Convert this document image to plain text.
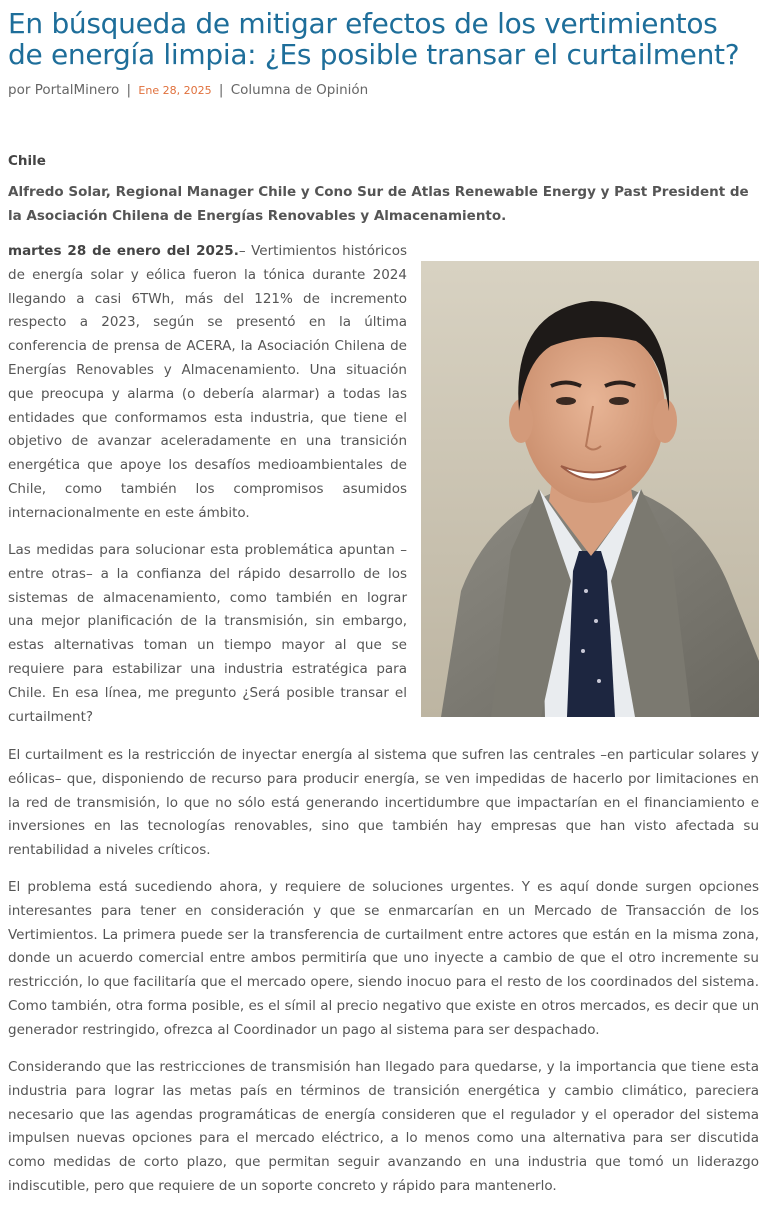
En búsqueda de mitigar efectos de los vertimientos de energía limpia: ¿Es posible transar el curtailment?
por PortalMinero | Ene 28, 2025 | Columna de Opinión
Chile
Alfredo Solar, Regional Manager Chile y Cono Sur de Atlas Renewable Energy y Past President de la Asociación Chilena de Energías Renovables y Almacenamiento.

martes 28 de enero del 2025.– Vertimientos históricos de energía solar y eólica fueron la tónica durante 2024 llegando a casi 6TWh, más del 121% de incremento respecto a 2023, según se presentó en la última conferencia de prensa de ACERA, la Asociación Chilena de Energías Renovables y Almacenamiento. Una situación que preocupa y alarma (o debería alarmar) a todas las entidades que conformamos esta industria, que tiene el objetivo de avanzar aceleradamente en una transición energética que apoye los desafíos medioambientales de Chile, como también los compromisos asumidos internacionalmente en este ámbito.

Las medidas para solucionar esta problemática apuntan –entre otras– a la confianza del rápido desarrollo de los sistemas de almacenamiento, como también en lograr una mejor planificación de la transmisión, sin embargo, estas alternativas toman un tiempo mayor al que se requiere para estabilizar una industria estratégica para Chile. En esa línea, me pregunto ¿Será posible transar el curtailment?

El curtailment es la restricción de inyectar energía al sistema que sufren las centrales –en particular solares y eólicas– que, disponiendo de recurso para producir energía, se ven impedidas de hacerlo por limitaciones en la red de transmisión, lo que no sólo está generando incertidumbre que impactarían en el financiamiento e inversiones en las tecnologías renovables, sino que también hay empresas que han visto afectada su rentabilidad a niveles críticos.

El problema está sucediendo ahora, y requiere de soluciones urgentes. Y es aquí donde surgen opciones interesantes para tener en consideración y que se enmarcarían en un Mercado de Transacción de los Vertimientos. La primera puede ser la transferencia de curtailment entre actores que están en la misma zona, donde un acuerdo comercial entre ambos permitiría que uno inyecte a cambio de que el otro incremente su restricción, lo que facilitaría que el mercado opere, siendo inocuo para el resto de los coordinados del sistema. Como también, otra forma posible, es el símil al precio negativo que existe en otros mercados, es decir que un generador restringido, ofrezca al Coordinador un pago al sistema para ser despachado.

Considerando que las restricciones de transmisión han llegado para quedarse, y la importancia que tiene esta industria para lograr las metas país en términos de transición energética y cambio climático, pareciera necesario que las agendas programáticas de energía consideren que el regulador y el operador del sistema impulsen nuevas opciones para el mercado eléctrico, a lo menos como una alternativa para ser discutida como medidas de corto plazo, que permitan seguir avanzando en una industria que tomó un liderazgo indiscutible, pero que requiere de un soporte concreto y rápido para mantenerlo.
